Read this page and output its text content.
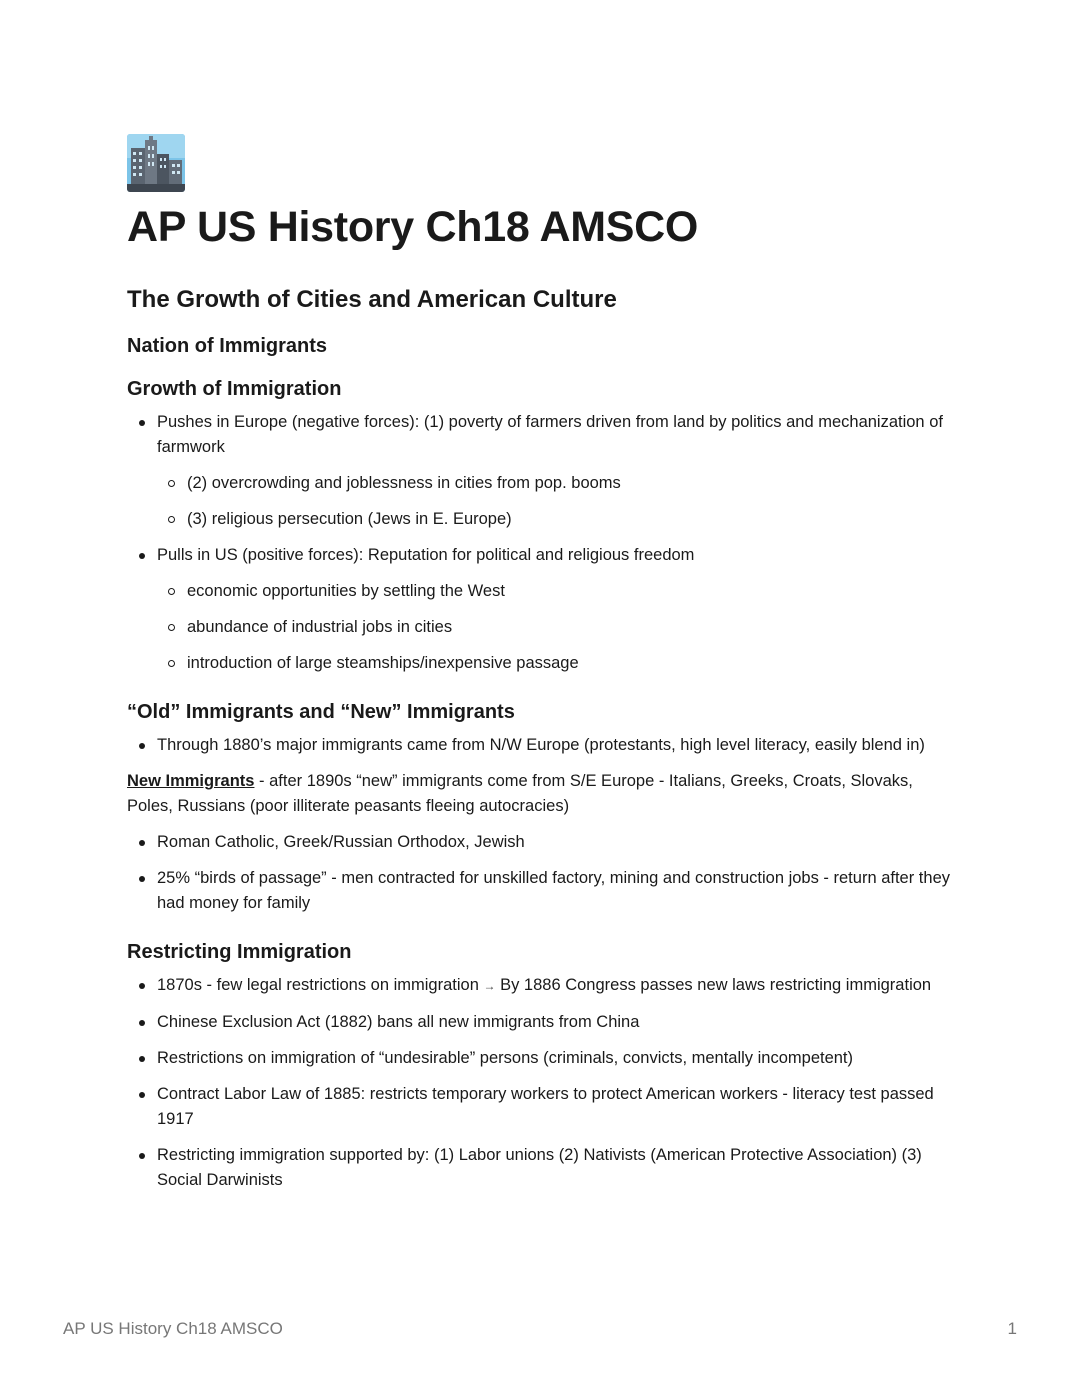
AP US History Ch18 AMSCO
The Growth of Cities and American Culture
Nation of Immigrants
Growth of Immigration
Pushes in Europe (negative forces): (1) poverty of farmers driven from land by politics and mechanization of farmwork
(2) overcrowding and joblessness in cities from pop. booms
(3) religious persecution (Jews in E. Europe)
Pulls in US (positive forces): Reputation for political and religious freedom
economic opportunities by settling the West
abundance of industrial jobs in cities
introduction of large steamships/inexpensive passage
“Old” Immigrants and “New” Immigrants
Through 1880’s major immigrants came from N/W Europe (protestants, high level literacy, easily blend in)

New Immigrants - after 1890s “new” immigrants come from S/E Europe - Italians, Greeks, Croats, Slovaks, Poles, Russians (poor illiterate peasants fleeing autocracies)

Roman Catholic, Greek/Russian Orthodox, Jewish
25% “birds of passage” - men contracted for unskilled factory, mining and construction jobs - return after they had money for family
Restricting Immigration
1870s - few legal restrictions on immigration → By 1886 Congress passes new laws restricting immigration
Chinese Exclusion Act (1882) bans all new immigrants from China
Restrictions on immigration of “undesirable” persons (criminals, convicts, mentally incompetent)
Contract Labor Law of 1885: restricts temporary workers to protect American workers - literacy test passed 1917
Restricting immigration supported by: (1) Labor unions (2) Nativists (American Protective Association) (3) Social Darwinists
AP US History Ch18 AMSCO	1
